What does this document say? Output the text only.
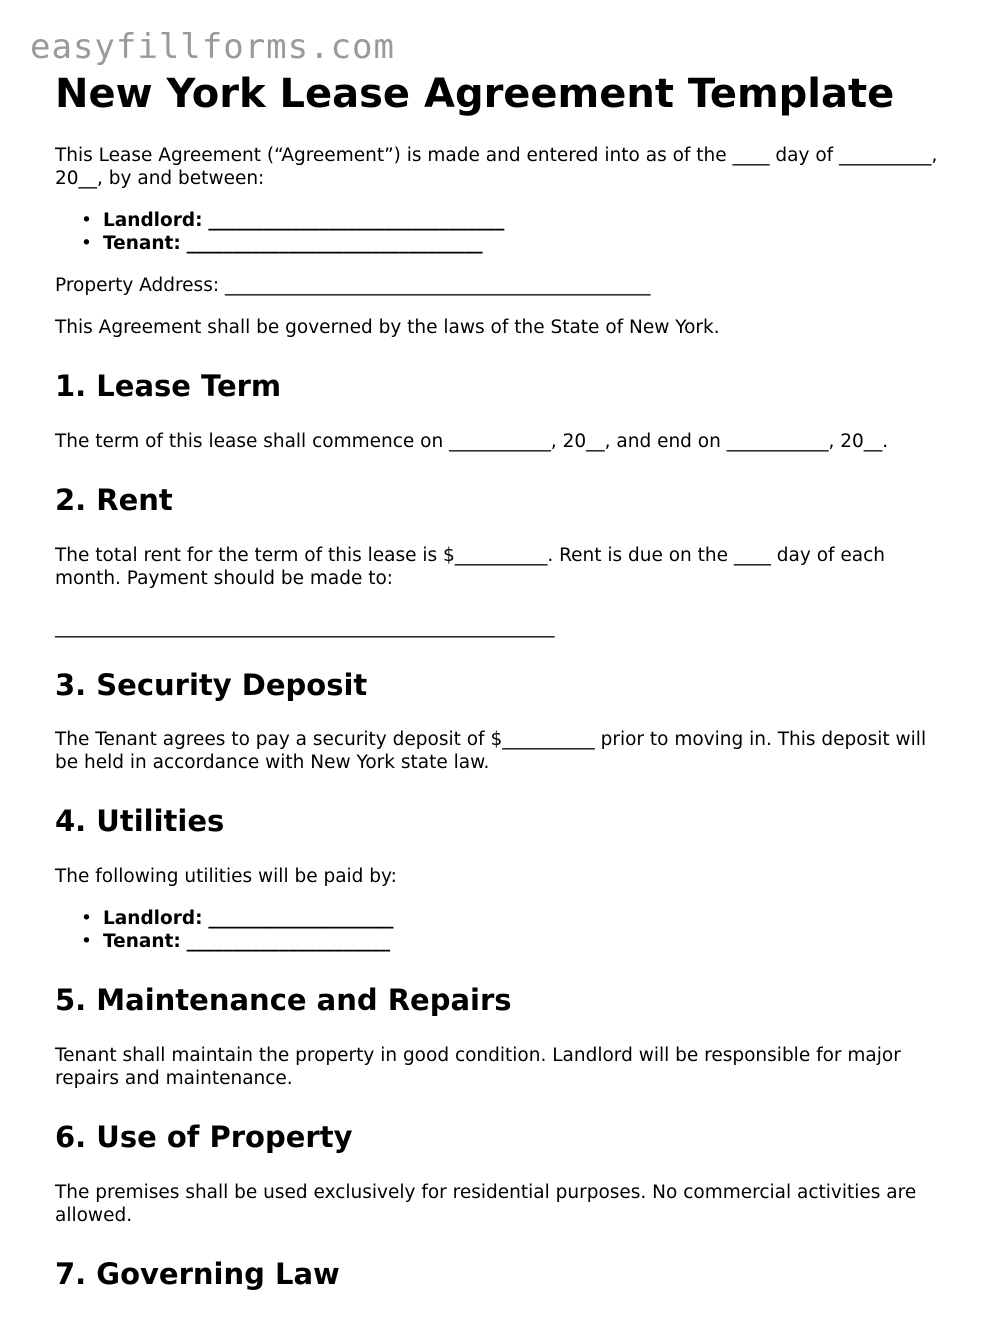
easyfillforms.com
New York Lease Agreement Template

This Lease Agreement (“Agreement”) is made and entered into as of the ____ day of __________, 20__, by and between:

• Landlord: ________________________________
• Tenant: ________________________________

Property Address: ______________________________________________

This Agreement shall be governed by the laws of the State of New York.

1. Lease Term

The term of this lease shall commence on ___________, 20__, and end on ___________, 20__.

2. Rent

The total rent for the term of this lease is $__________. Rent is due on the ____ day of each month. Payment should be made to:

______________________________________________________

3. Security Deposit

The Tenant agrees to pay a security deposit of $__________ prior to moving in. This deposit will be held in accordance with New York state law.

4. Utilities

The following utilities will be paid by:

• Landlord: ____________________
• Tenant: ______________________
5. Maintenance and Repairs

Tenant shall maintain the property in good condition. Landlord will be responsible for major repairs and maintenance.

6. Use of Property

The premises shall be used exclusively for residential purposes. No commercial activities are allowed.

7. Governing Law
